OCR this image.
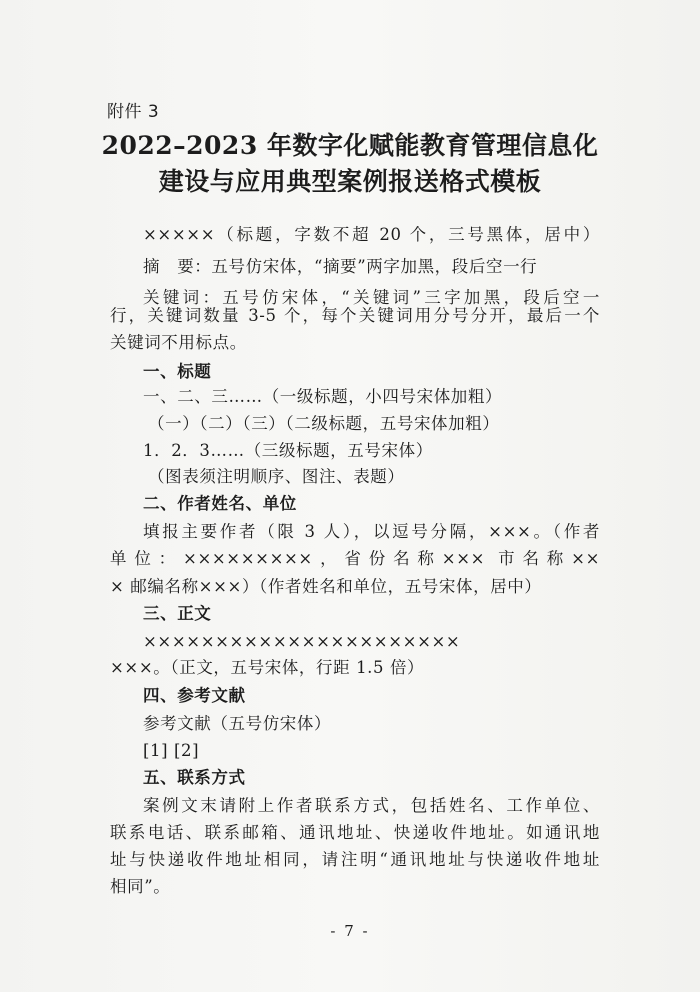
附件 3
2022–2023 年数字化赋能教育管理信息化
建设与应用典型案例报送格式模板
×××××（标题，字数不超 20 个，三号黑体，居中）
摘　要：五号仿宋体，“摘要”两字加黑，段后空一行
关键词：五号仿宋体，“关键词”三字加黑，段后空一
行，关键词数量 3-5 个，每个关键词用分号分开，最后一个
关键词不用标点。
一、标题
一、二、三……（一级标题，小四号宋体加粗）
（一）（二）（三）（二级标题，五号宋体加粗）
1．2．3……（三级标题，五号宋体）
（图表须注明顺序、图注、表题）
二、作者姓名、单位
填报主要作者（限 3 人），以逗号分隔，×××。（作者
单位：×××××××××，省份名称××× 市名称××
× 邮编名称×××）（作者姓名和单位，五号宋体，居中）
三、正文
××××××××××××××××××××××
×××。（正文，五号宋体，行距 1.5 倍）
四、参考文献
参考文献（五号仿宋体）
[1] [2]
五、联系方式
案例文末请附上作者联系方式，包括姓名、工作单位、
联系电话、联系邮箱、通讯地址、快递收件地址。如通讯地
址与快递收件地址相同，请注明“通讯地址与快递收件地址
相同”。
- 7 -
